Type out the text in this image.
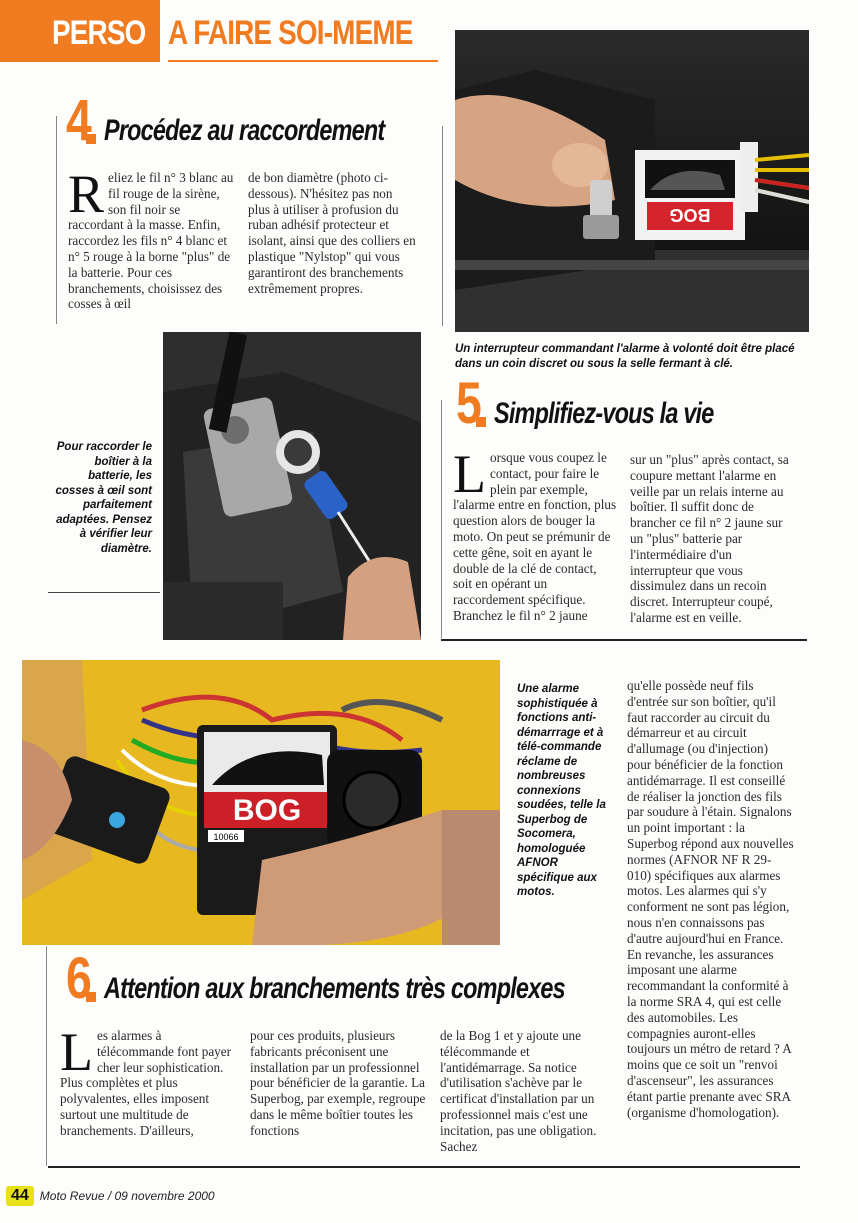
PERSO A FAIRE SOI-MEME
BOG
Un interrupteur commandant l'alarme à volonté doit être placé dans un coin discret ou sous la selle fermant à clé.
4 Procédez au raccordement
Reliez le fil n° 3 blanc au fil rouge de la sirène, son fil noir se raccordant à la masse. Enfin, raccordez les fils n° 4 blanc et n° 5 rouge à la borne "plus" de la batterie. Pour ces branchements, choisissez des cosses à œil
de bon diamètre (photo ci-dessous). N'hésitez pas non plus à utiliser à profusion du ruban adhésif protecteur et isolant, ainsi que des colliers en plastique "Nylstop" qui vous garantiront des branchements extrêmement propres.
Pour raccorder le boîtier à la batterie, les cosses à œil sont parfaitement adaptées. Pensez à vérifier leur diamètre.
5 Simplifiez-vous la vie
Lorsque vous coupez le contact, pour faire le plein par exemple, l'alarme entre en fonction, plus question alors de bouger la moto. On peut se prémunir de cette gêne, soit en ayant le double de la clé de contact, soit en opérant un raccordement spécifique. Branchez le fil n° 2 jaune
sur un "plus" après contact, sa coupure mettant l'alarme en veille par un relais interne au boîtier. Il suffit donc de brancher ce fil n° 2 jaune sur un "plus" batterie par l'intermédiaire d'un interrupteur que vous dissimulez dans un recoin discret. Interrupteur coupé, l'alarme est en veille.
BOG
10066
Une alarme sophistiquée à fonctions anti-démarrrage et à télé-commande réclame de nombreuses connexions soudées, telle la Superbog de Socomera, homologuée AFNOR spécifique aux motos.
6 Attention aux branchements très complexes
Les alarmes à télécommande font payer cher leur sophistication. Plus complètes et plus polyvalentes, elles imposent surtout une multitude de branchements. D'ailleurs,
pour ces produits, plusieurs fabricants préconisent une installation par un professionnel pour bénéficier de la garantie. La Superbog, par exemple, regroupe dans le même boîtier toutes les fonctions
de la Bog 1 et y ajoute une télécommande et l'antidémarrage. Sa notice d'utilisation s'achève par le certificat d'installation par un professionnel mais c'est une incitation, pas une obligation. Sachez
qu'elle possède neuf fils d'entrée sur son boîtier, qu'il faut raccorder au circuit du démarreur et au circuit d'allumage (ou d'injection) pour bénéficier de la fonction antidémarrage. Il est conseillé de réaliser la jonction des fils par soudure à l'étain. Signalons un point important : la Superbog répond aux nouvelles normes (AFNOR NF R 29-010) spécifiques aux alarmes motos. Les alarmes qui s'y conforment ne sont pas légion, nous n'en connaissons pas d'autre aujourd'hui en France. En revanche, les assurances imposant une alarme recommandant la conformité à la norme SRA 4, qui est celle des automobiles. Les compagnies auront-elles toujours un métro de retard ? A moins que ce soit un "renvoi d'ascenseur", les assurances étant partie prenante avec SRA (organisme d'homologation).
44 Moto Revue / 09 novembre 2000
